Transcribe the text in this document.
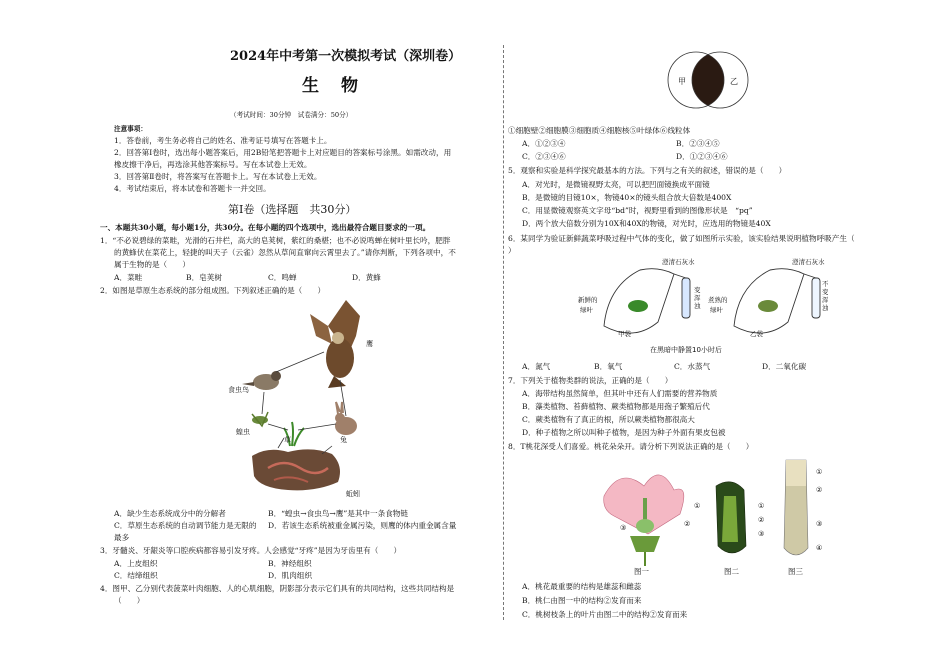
2024年中考第一次模拟考试（深圳卷）
生物
（考试时间：30分钟　试卷满分：50分）
注意事项：
1．答卷前，考生务必将自己的姓名、准考证号填写在答题卡上。
2．回答第Ⅰ卷时，选出每小题答案后，用2B铅笔把答题卡上对应题目的答案标号涂黑。如需改动，用
橡皮擦干净后，再选涂其他答案标号。写在本试卷上无效。
3．回答第Ⅱ卷时，将答案写在答题卡上。写在本试卷上无效。
4．考试结束后，将本试卷和答题卡一并交回。
第Ⅰ卷（选择题　共30分）
一、本题共30小题，每小题1分，共30分。在每小题的四个选项中，选出最符合题目要求的一项。
1．“不必说碧绿的菜畦，光滑的石井栏，高大的皂荚树，紫红的桑椹；也不必说鸣蝉在树叶里长吟，肥胖
的黄蜂伏在菜花上，轻捷的叫天子（云雀）忽然从草间直窜向云霄里去了。”请你判断，下列各项中，不
属于生物的是（　　）
A．菜畦	B．皂荚树	C．鸣蝉	D．黄蜂
2．如图是草原生态系统的部分组成图。下列叙述正确的是（　　）
鹰
食虫鸟
蝗虫
草	兔
蚯蚓
A．缺少生态系统成分中的分解者	B．“蝗虫→食虫鸟→鹰”是其中一条食物链
C．草原生态系统的自动调节能力是无限的 D．若该生态系统被重金属污染，则鹰的体内重金属含量
最多
3．牙髓炎、牙龈炎等口腔疾病都容易引发牙疼。人会感觉“牙疼”是因为牙齿里有（　　）
A．上皮组织	B．神经组织
C．结缔组织	D．肌肉组织
4．图甲、乙分别代表菠菜叶肉细胞、人的心肌细胞，阴影部分表示它们具有的共同结构，这些共同结构是
（　　）
甲	乙
①细胞壁②细胞膜③细胞质④细胞核⑤叶绿体⑥线粒体
A．①②③④	B．②③④⑤
C．②③④⑥	D．①②③④⑥
5．观察和实验是科学探究最基本的方法。下列与之有关的叙述，错误的是（　　）
A．对光时，是微镜视野太亮，可以把凹面镜换成平面镜
B．是微镜的目镜10×，物镜40×的镜头组合放大倍数是400X
C．用显微镜观察英文字母“bd”时，视野里看到的图像形状是　“pq”
D．两个放大倍数分别为10X和40X的物镜，对光时，应选用的物镜是40X
6．某同学为验证新鲜蔬菜呼吸过程中气体的变化，做了如图所示实验，该实验结果说明植物呼吸产生（
）
澄清石灰水	澄清石灰水
新鲜的
绿叶
煮熟的
绿叶
变
浑
浊
不
变
浑
浊
甲袋	乙袋
在黑暗中静置10小时后
A．氮气	B．氧气	C．水蒸气	D．二氧化碳
7．下列关于植物类群的说法，正确的是（　　）
A．海带结构虽然简单，但其叶中还有人们需要的营养物质
B．藻类植物、苔藓植物、蕨类植物都是用孢子繁殖后代
C．蕨类植物有了真正的根，所以蕨类植物都很高大
D．种子植物之所以叫种子植物，是因为种子外面有果皮包被
8．T桃花深受人们喜爱。桃花朵朵开。请分析下列说法正确的是（　　）
①
②
③
①
②
③
①
②
③
④
图一	图二	图三
A．桃花最重要的结构是雄蕊和雌蕊
B．桃仁由图一中的结构②发育而来
C．桃树枝条上的叶片由图二中的结构②发育而来
